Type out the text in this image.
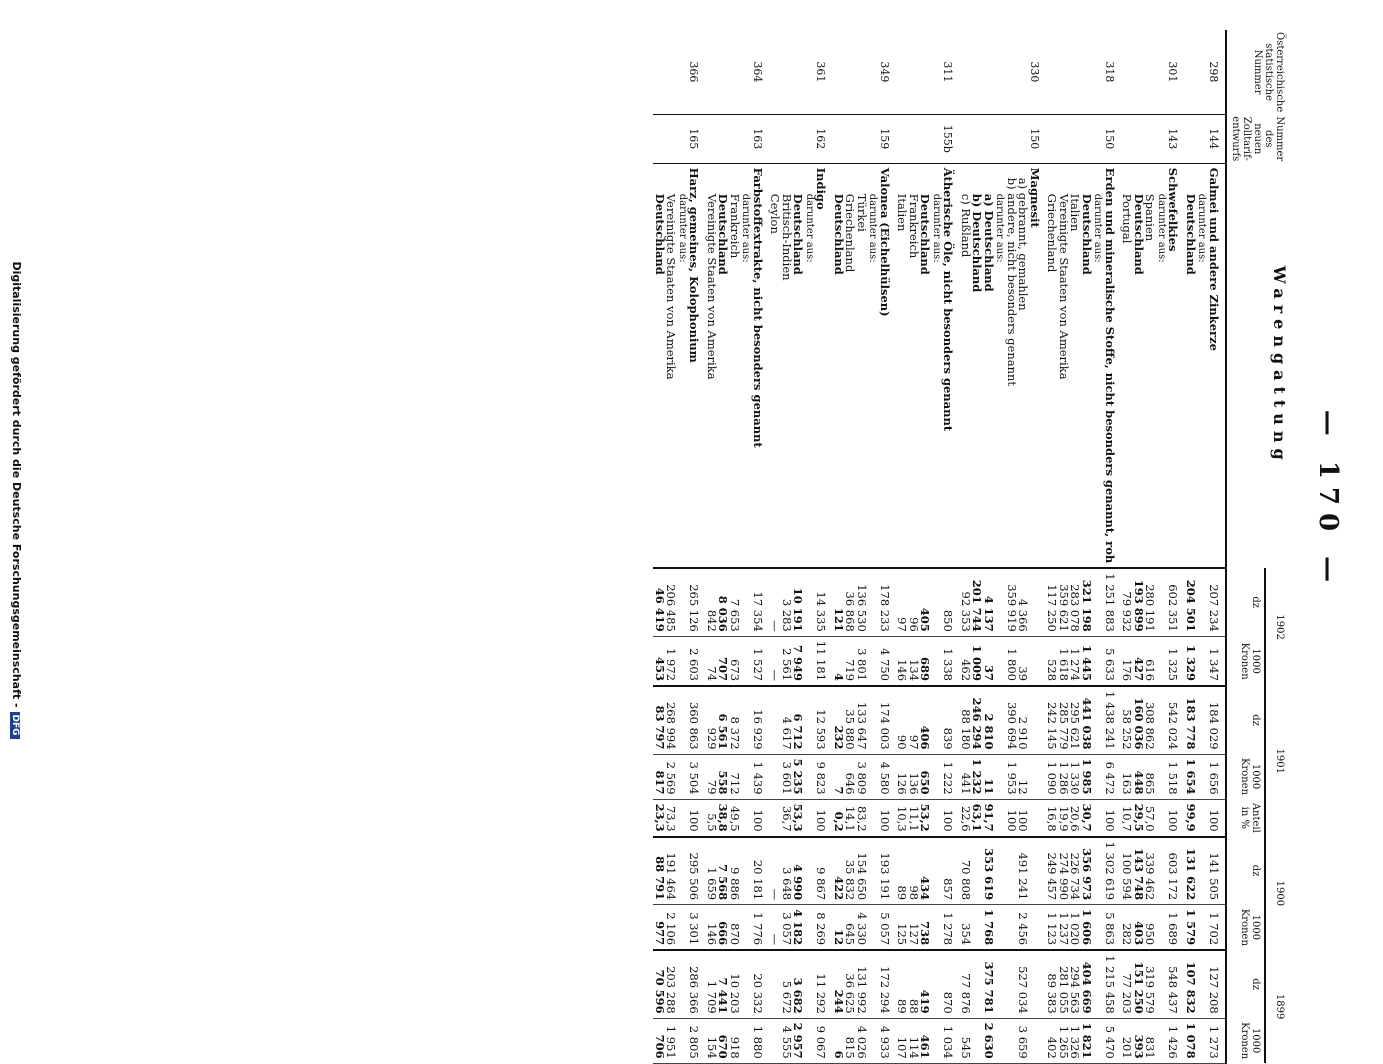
— 170 —
Österreichische statistische Nummer	Nummer des neuen Zolltarif-entwurfs	Warengattung	1902		1901			1900		1899	
			dz	1000 Kronen	dz	1000 Kronen	Anteil in %	dz	1000 Kronen	dz	1000 Kronen
298	144	Galmei und andere Zinkerze	207 234	1 347	184 029	1 656	100	141 505	1 702	127 208	1 273
		darunter aus:									
		Deutschland	204 501	1 329	183 778	1 654	99,9	131 622	1 579	107 832	1 078
301	143	Schwefelkies	602 351	1 325	542 024	1 518	100	603 172	1 689	548 437	1 426
		darunter aus:									
		Spanien	280 191	616	308 862	865	57,0	339 462	950	319 579	831
		Deutschland	193 899	427	160 036	448	29,5	143 748	403	151 250	393
		Portugal	79 932	176	58 252	163	10,7	100 594	282	77 203	201
318	150	Erden und mineralische Stoffe, nicht besonders genannt, roh	1 251 883	5 633	1 438 241	6 472	100	1 302 619	5 863	1 215 458	5 470
		darunter aus:									
		Deutschland	321 198	1 445	441 038	1 985	30,7	356 973	1 606	404 669	1 821
		Italien	283 078	1 274	295 621	1 330	20,6	226 734	1 020	294 563	1 326
		Vereinigte Staaten von Amerika	359 621	1 618	285 779	1 286	19,9	274 990	1 237	281 055	1 265
		Griechenland	117 250	528	242 145	1 090	16,8	249 457	1 123	89 383	402
330	150	Magnesit									
		a) gebrannt, gemahlen	4 366	39	2 910	12	100	491 241	2 456	527 034	3 659
		b) andere, nicht besonders genannt	359 919	1 800	390 694	1 953	100				
		darunter aus:									
		a) Deutschland	4 137	37	2 810	11	91,7	353 619	1 768	375 781	2 630
		b) Deutschland	201 744	1 009	246 294	1 232	63,1				
		c) Rußland	92 353	462	88 180	441	22,6	70 808	354	77 876	545
311	155b	Ätherische Öle, nicht besonders genannt	850	1 338	839	1 222	100	857	1 278	870	1 034
		darunter aus:									
		Deutschland	405	689	406	650	53,2	434	738	419	461
		Frankreich	96	134	97	136	11,1	98	127	88	114
		Italien	97	146	90	126	10,3	89	125	89	107
349	159	Valonea (Eichelhülsen)	178 233	4 750	174 003	4 580	100	193 191	5 057	172 294	4 933
		darunter aus:									
		Türkei	136 530	3 801	133 647	3 809	83,2	154 650	4 330	131 992	4 026
		Griechenland	36 868	719	35 880	646	14,1	35 832	645	36 625	815
		Deutschland	121	4	232	7	0,2	422	12	244	6
361	162	Indigo	14 335	11 181	12 593	9 823	100	9 867	8 269	11 292	9 067
		darunter aus:									
		Deutschland	10 191	7 949	6 712	5 235	53,3	4 990	4 182	3 682	2 957
		Britisch-Indien	3 283	2 561	4 617	3 601	36,7	3 648	3 057	5 672	4 555
		Ceylon	—	—				—	—		
364	163	Farbstoffextrakte, nicht besonders genannt	17 354	1 527	16 929	1 439	100	20 181	1 776	20 332	1 880
		darunter aus:									
		Frankreich	7 653	673	8 372	712	49,5	9 886	870	10 203	918
		Deutschland	8 036	707	6 561	558	38,8	7 568	666	7 441	670
		Vereinigte Staaten von Amerika	842	74	929	79	5,5	1 659	146	1 709	154
366	165	Harz, gemeines, Kolophonium	265 126	2 603	360 863	3 504	100	295 506	3 301	286 366	2 805
		darunter aus:									
		Vereinigte Staaten von Amerika	206 485	1 972	268 994	2 569	73,3	191 464	2 106	203 288	1 951
		Deutschland	46 419	453	83 797	817	23,3	88 791	977	70 596	706
Digitalisierung gefördert durch die Deutsche Forschungsgemeinschaft -DFG
